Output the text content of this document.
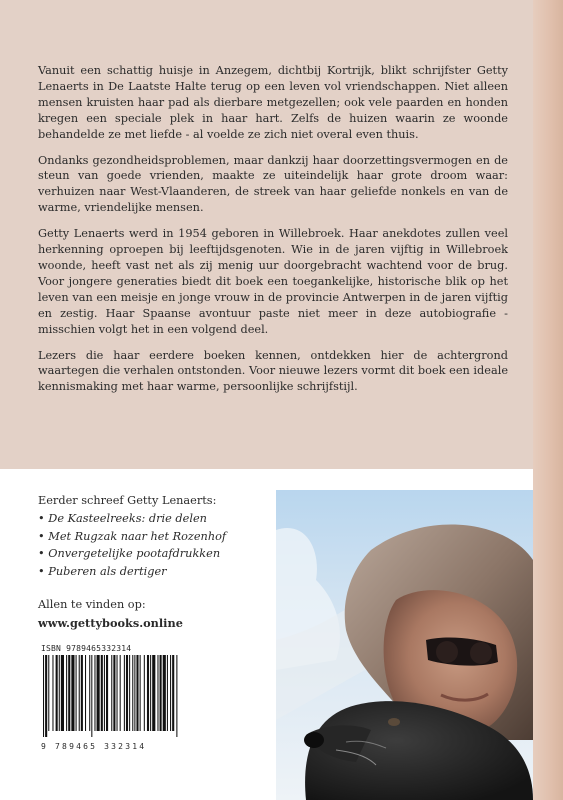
Vanuit een schattig huisje in Anzegem, dichtbij Kortrijk, blikt schrijfster Getty Lenaerts in De Laatste Halte terug op een leven vol vriendschappen. Niet alleen mensen kruisten haar pad als dierbare metgezellen; ook vele paarden en honden kregen een speciale plek in haar hart. Zelfs de huizen waarin ze woonde behandelde ze met liefde - al voelde ze zich niet overal even thuis.

Ondanks gezondheidsproblemen, maar dankzij haar doorzettingsvermogen en de steun van goede vrienden, maakte ze uiteindelijk haar grote droom waar: verhuizen naar West-Vlaanderen, de streek van haar geliefde nonkels en van de warme, vriendelijke mensen.

Getty Lenaerts werd in 1954 geboren in Willebroek. Haar anekdotes zullen veel herkenning oproepen bij leeftijdsgenoten. Wie in de jaren vijftig in Willebroek woonde, heeft vast net als zij menig uur doorgebracht wachtend voor de brug. Voor jongere generaties biedt dit boek een toegankelijke, historische blik op het leven van een meisje en jonge vrouw in de provincie Antwerpen in de jaren vijftig en zestig. Haar Spaanse avontuur paste niet meer in deze autobiografie - misschien volgt het in een volgend deel.

Lezers die haar eerdere boeken kennen, ontdekken hier de achtergrond waartegen die verhalen ontstonden. Voor nieuwe lezers vormt dit boek een ideale kennismaking met haar warme, persoonlijke schrijfstijl.

Eerder schreef Getty Lenaerts:
• De Kasteelreeks: drie delen
• Met Rugzak naar het Rozenhof
• Onvergetelijke pootafdrukken
• Puberen als dertiger
Allen te vinden op:
www.gettybooks.online
ISBN 9789465332314
9 789465 332314
